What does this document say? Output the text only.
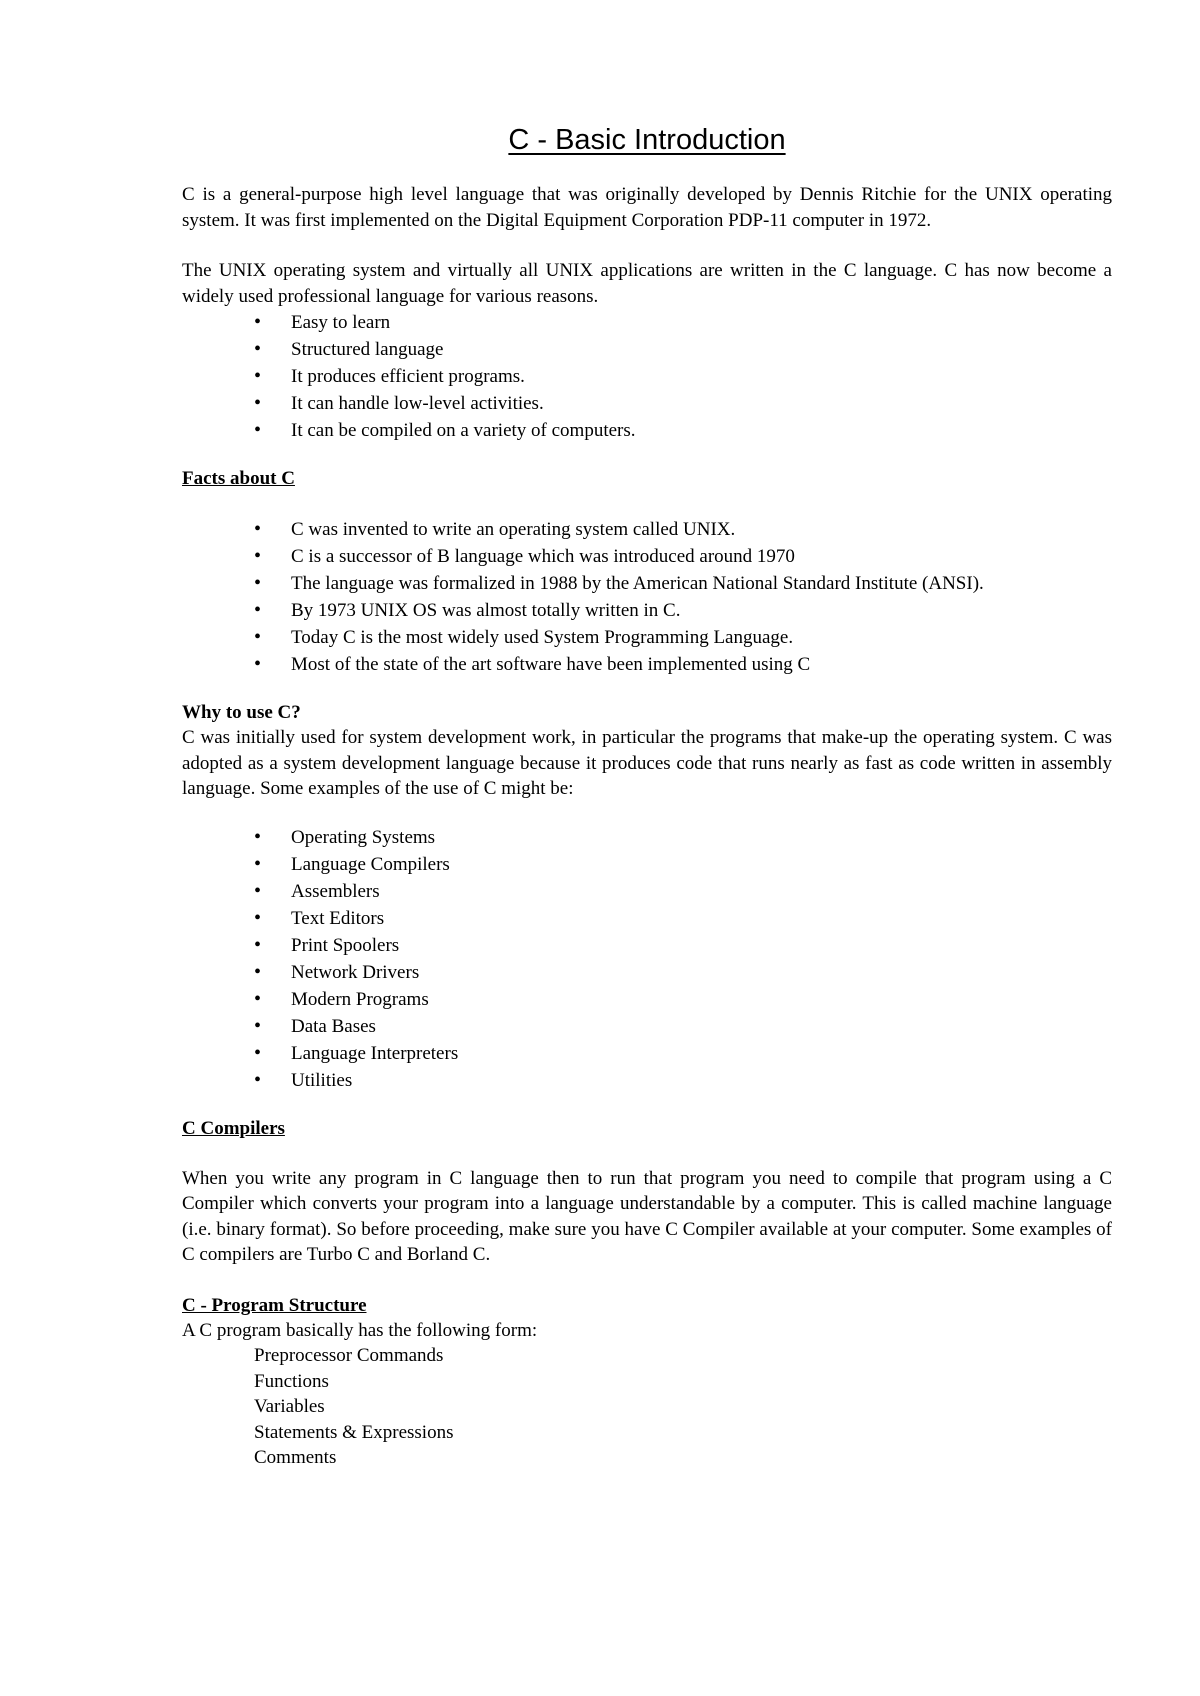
C - Basic Introduction

C is a general-purpose high level language that was originally developed by Dennis Ritchie for the UNIX operating system. It was first implemented on the Digital Equipment Corporation PDP-11 computer in 1972.

The UNIX operating system and virtually all UNIX applications are written in the C language. C has now become a widely used professional language for various reasons.

• Easy to learn
• Structured language
• It produces efficient programs.
• It can handle low-level activities.
• It can be compiled on a variety of computers.
Facts about C
• C was invented to write an operating system called UNIX.
• C is a successor of B language which was introduced around 1970
• The language was formalized in 1988 by the American National Standard Institute (ANSI).
• By 1973 UNIX OS was almost totally written in C.
• Today C is the most widely used System Programming Language.
• Most of the state of the art software have been implemented using C
Why to use C?

C was initially used for system development work, in particular the programs that make-up the operating system. C was adopted as a system development language because it produces code that runs nearly as fast as code written in assembly language. Some examples of the use of C might be:

• Operating Systems
• Language Compilers
• Assemblers
• Text Editors
• Print Spoolers
• Network Drivers
• Modern Programs
• Data Bases
• Language Interpreters
• Utilities
C Compilers

When you write any program in C language then to run that program you need to compile that program using a C Compiler which converts your program into a language understandable by a computer. This is called machine language (i.e. binary format). So before proceeding, make sure you have C Compiler available at your computer. Some examples of C compilers are Turbo C and Borland C.

C - Program Structure

A C program basically has the following form:

Preprocessor Commands
Functions
Variables
Statements & Expressions
Comments
